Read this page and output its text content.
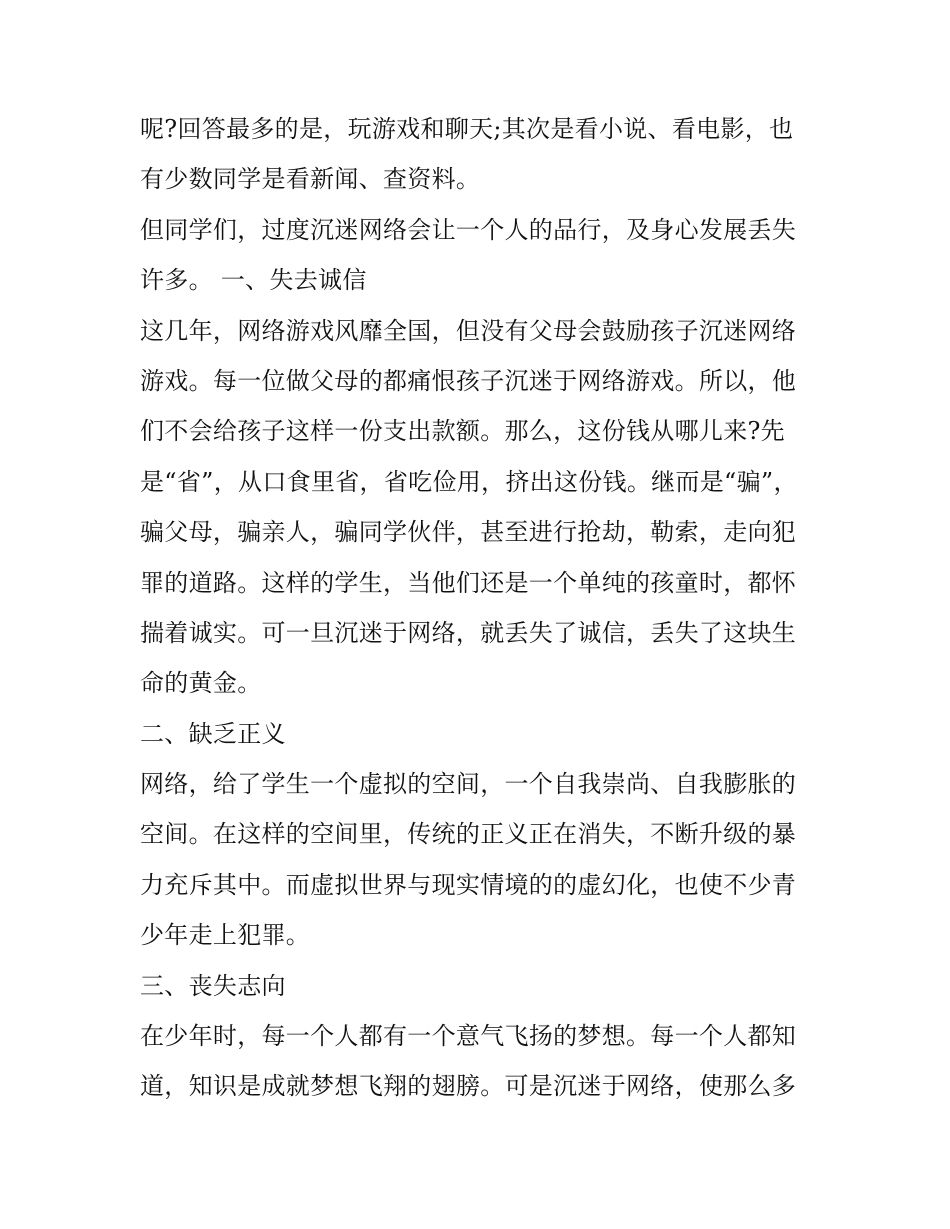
呢?回答最多的是，玩游戏和聊天;其次是看小说、看电影，也
有少数同学是看新闻、查资料。
但同学们，过度沉迷网络会让一个人的品行，及身心发展丢失
许多。 一、失去诚信
这几年，网络游戏风靡全国，但没有父母会鼓励孩子沉迷网络
游戏。每一位做父母的都痛恨孩子沉迷于网络游戏。所以，他
们不会给孩子这样一份支出款额。那么，这份钱从哪儿来?先
是“省”，从口食里省，省吃俭用，挤出这份钱。继而是“骗”，
骗父母，骗亲人，骗同学伙伴，甚至进行抢劫，勒索，走向犯
罪的道路。这样的学生，当他们还是一个单纯的孩童时，都怀
揣着诚实。可一旦沉迷于网络，就丢失了诚信，丢失了这块生
命的黄金。
二、缺乏正义
网络，给了学生一个虚拟的空间，一个自我崇尚、自我膨胀的
空间。在这样的空间里，传统的正义正在消失，不断升级的暴
力充斥其中。而虚拟世界与现实情境的的虚幻化，也使不少青
少年走上犯罪。
三、丧失志向
在少年时，每一个人都有一个意气飞扬的梦想。每一个人都知
道，知识是成就梦想飞翔的翅膀。可是沉迷于网络，使那么多
